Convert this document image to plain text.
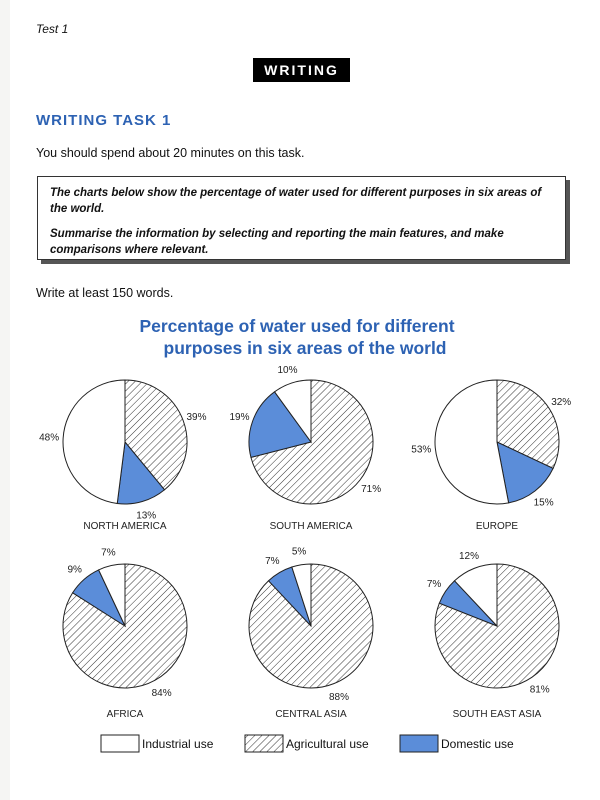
Test 1
WRITING
WRITING TASK 1
You should spend about 20 minutes on this task.

The charts below show the percentage of water used for different purposes in six areas of the world.

Summarise the information by selecting and reporting the main features, and make comparisons where relevant.

Write at least 150 words.
Percentage of water used for different
purposes in six areas of the world
39%
13%
48%
NORTH AMERICA
71%
19%
10%
SOUTH AMERICA
32%
15%
53%
EUROPE
84%
9%
7%
AFRICA
88%
7%
5%
CENTRAL ASIA
81%
7%
12%
SOUTH EAST ASIA
Industrial use	Agricultural use	Domestic use
